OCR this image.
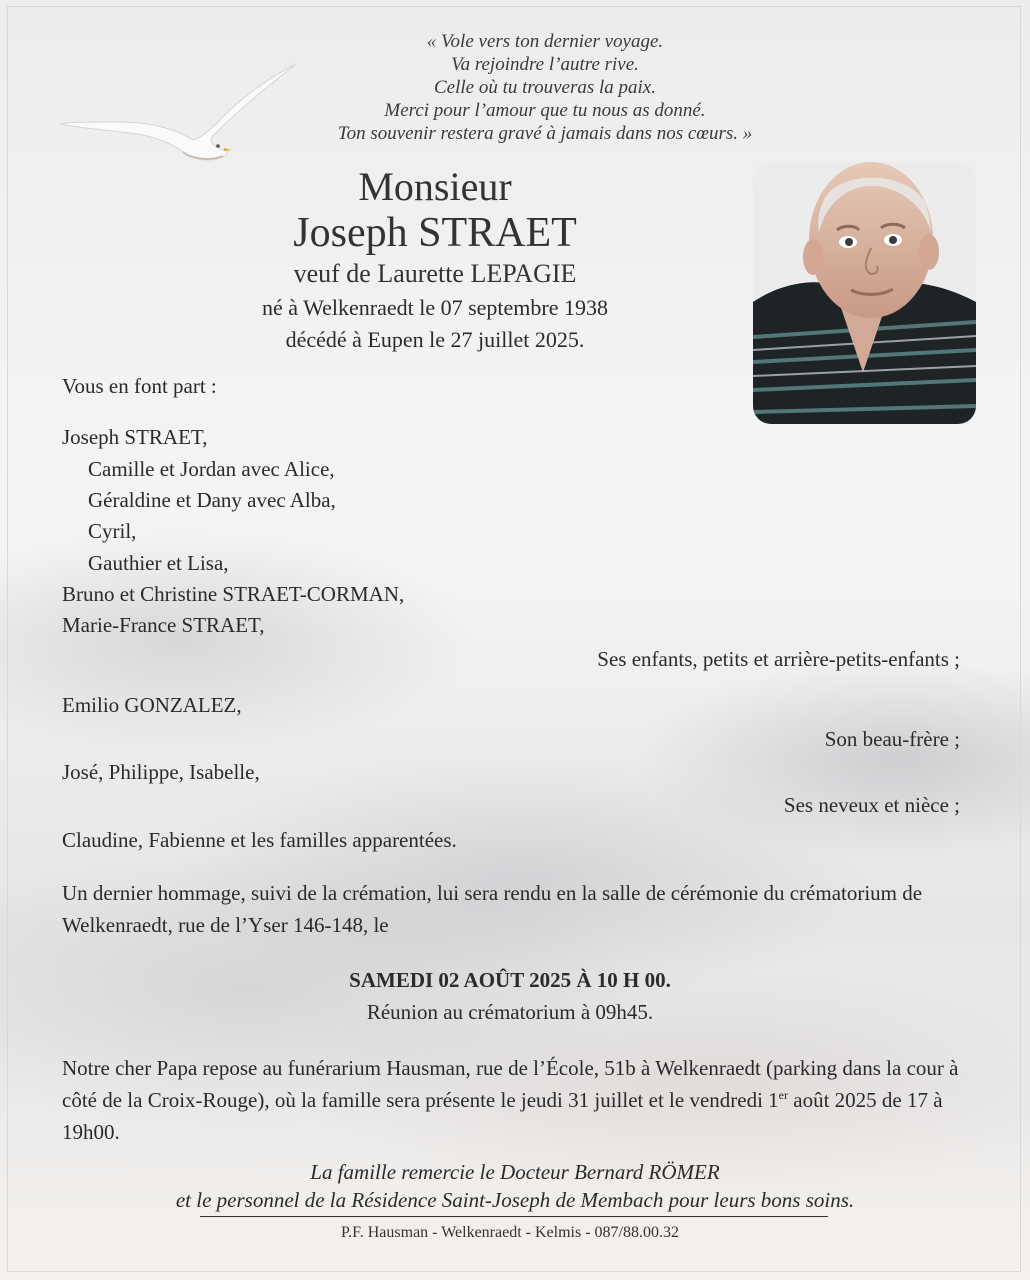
« Vole vers ton dernier voyage.
Va rejoindre l’autre rive.
Celle où tu trouveras la paix.
Merci pour l’amour que tu nous as donné.
Ton souvenir restera gravé à jamais dans nos cœurs. »
Monsieur
Joseph STRAET
veuf de Laurette LEPAGIE
né à Welkenraedt le 07 septembre 1938
décédé à Eupen le 27 juillet 2025.
Vous en font part :
Joseph STRAET,
Camille et Jordan avec Alice,
Géraldine et Dany avec Alba,
Cyril,
Gauthier et Lisa,
Bruno et Christine STRAET-CORMAN,
Marie-France STRAET,
Ses enfants, petits et arrière-petits-enfants ;
Emilio GONZALEZ,
Son beau-frère ;
José, Philippe, Isabelle,
Ses neveux et nièce ;
Claudine, Fabienne et les familles apparentées.
Un dernier hommage, suivi de la crémation, lui sera rendu en la salle de cérémonie du crématorium de Welkenraedt, rue de l’Yser 146-148, le
SAMEDI 02 AOÛT 2025 À 10 H 00.
Réunion au crématorium à 09h45.
Notre cher Papa repose au funérarium Hausman, rue de l’École, 51b à Welkenraedt (parking dans la cour à côté de la Croix-Rouge), où la famille sera présente le jeudi 31 juillet et le vendredi 1er août 2025 de 17 à 19h00.
La famille remercie le Docteur Bernard RÖMER
et le personnel de la Résidence Saint-Joseph de Membach pour leurs bons soins.
P.F. Hausman - Welkenraedt - Kelmis - 087/88.00.32
